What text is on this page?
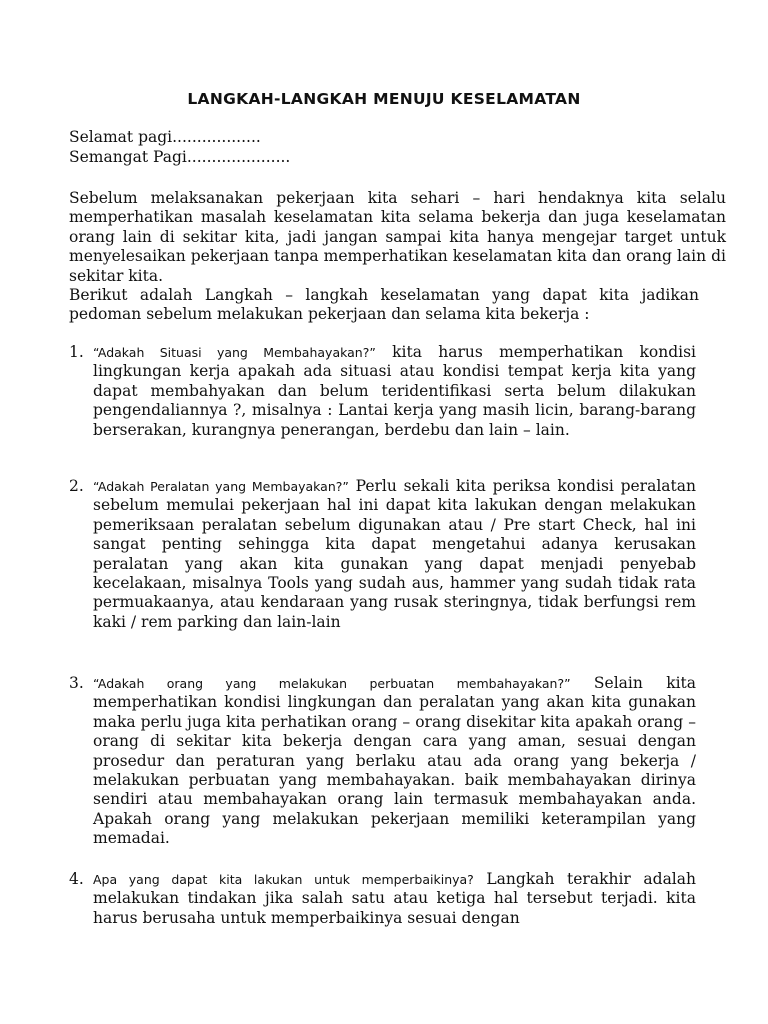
LANGKAH-LANGKAH MENUJU KESELAMATAN
Selamat pagi..................
Semangat Pagi.....................
Sebelum melaksanakan pekerjaan kita sehari – hari hendaknya kita selalu memperhatikan masalah keselamatan kita selama bekerja dan juga keselamatan orang lain di sekitar kita, jadi jangan sampai kita hanya mengejar target untuk menyelesaikan pekerjaan tanpa memperhatikan keselamatan kita dan orang lain di sekitar kita.
Berikut adalah Langkah – langkah keselamatan yang dapat kita jadikan pedoman sebelum melakukan pekerjaan dan selama kita bekerja :
1. “Adakah Situasi yang Membahayakan?” kita harus memperhatikan kondisi lingkungan kerja apakah ada situasi atau kondisi tempat kerja kita yang dapat membahyakan dan belum teridentifikasi serta belum dilakukan pengendaliannya ?, misalnya : Lantai kerja yang masih licin, barang-barang berserakan, kurangnya penerangan, berdebu dan lain – lain.
2. “Adakah Peralatan yang Membayakan?” Perlu sekali kita periksa kondisi peralatan sebelum memulai pekerjaan hal ini dapat kita lakukan dengan melakukan pemeriksaan peralatan sebelum digunakan atau / Pre start Check, hal ini sangat penting sehingga kita dapat mengetahui adanya kerusakan peralatan yang akan kita gunakan yang dapat menjadi penyebab kecelakaan, misalnya Tools yang sudah aus, hammer yang sudah tidak rata permuakaanya, atau kendaraan yang rusak steringnya, tidak berfungsi rem kaki / rem parking dan lain-lain
3. “Adakah orang yang melakukan perbuatan membahayakan?” Selain kita memperhatikan kondisi lingkungan dan peralatan yang akan kita gunakan maka perlu juga kita perhatikan orang – orang disekitar kita apakah orang – orang di sekitar kita bekerja dengan cara yang aman, sesuai dengan prosedur dan peraturan yang berlaku atau ada orang yang bekerja / melakukan perbuatan yang membahayakan. baik membahayakan dirinya sendiri atau membahayakan orang lain termasuk membahayakan anda. Apakah orang yang melakukan pekerjaan memiliki keterampilan yang memadai.
4. Apa yang dapat kita lakukan untuk memperbaikinya? Langkah terakhir adalah melakukan tindakan jika salah satu atau ketiga hal tersebut terjadi. kita harus berusaha untuk memperbaikinya sesuai dengan
